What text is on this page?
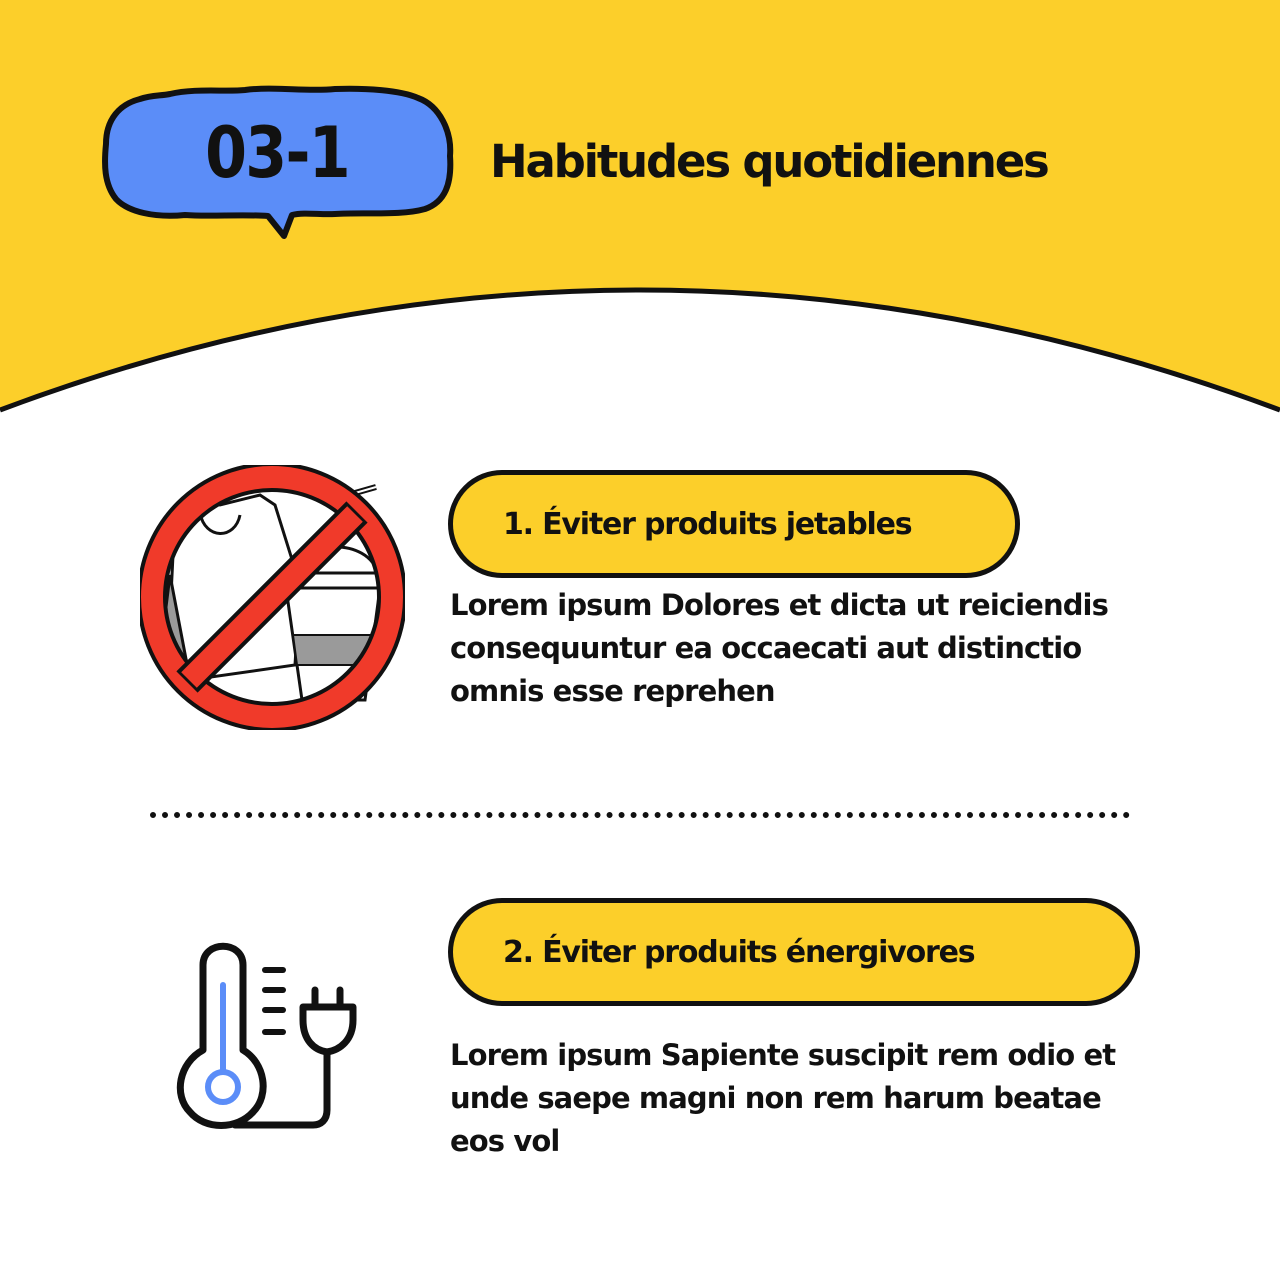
03-1	Habitudes quotidiennes
1. Éviter produits jetables
Lorem ipsum Dolores et dicta ut reiciendis consequuntur ea occaecati aut distinctio omnis esse reprehen
2. Éviter produits énergivores
Lorem ipsum Sapiente suscipit rem odio et unde saepe magni non rem harum beatae eos vol
